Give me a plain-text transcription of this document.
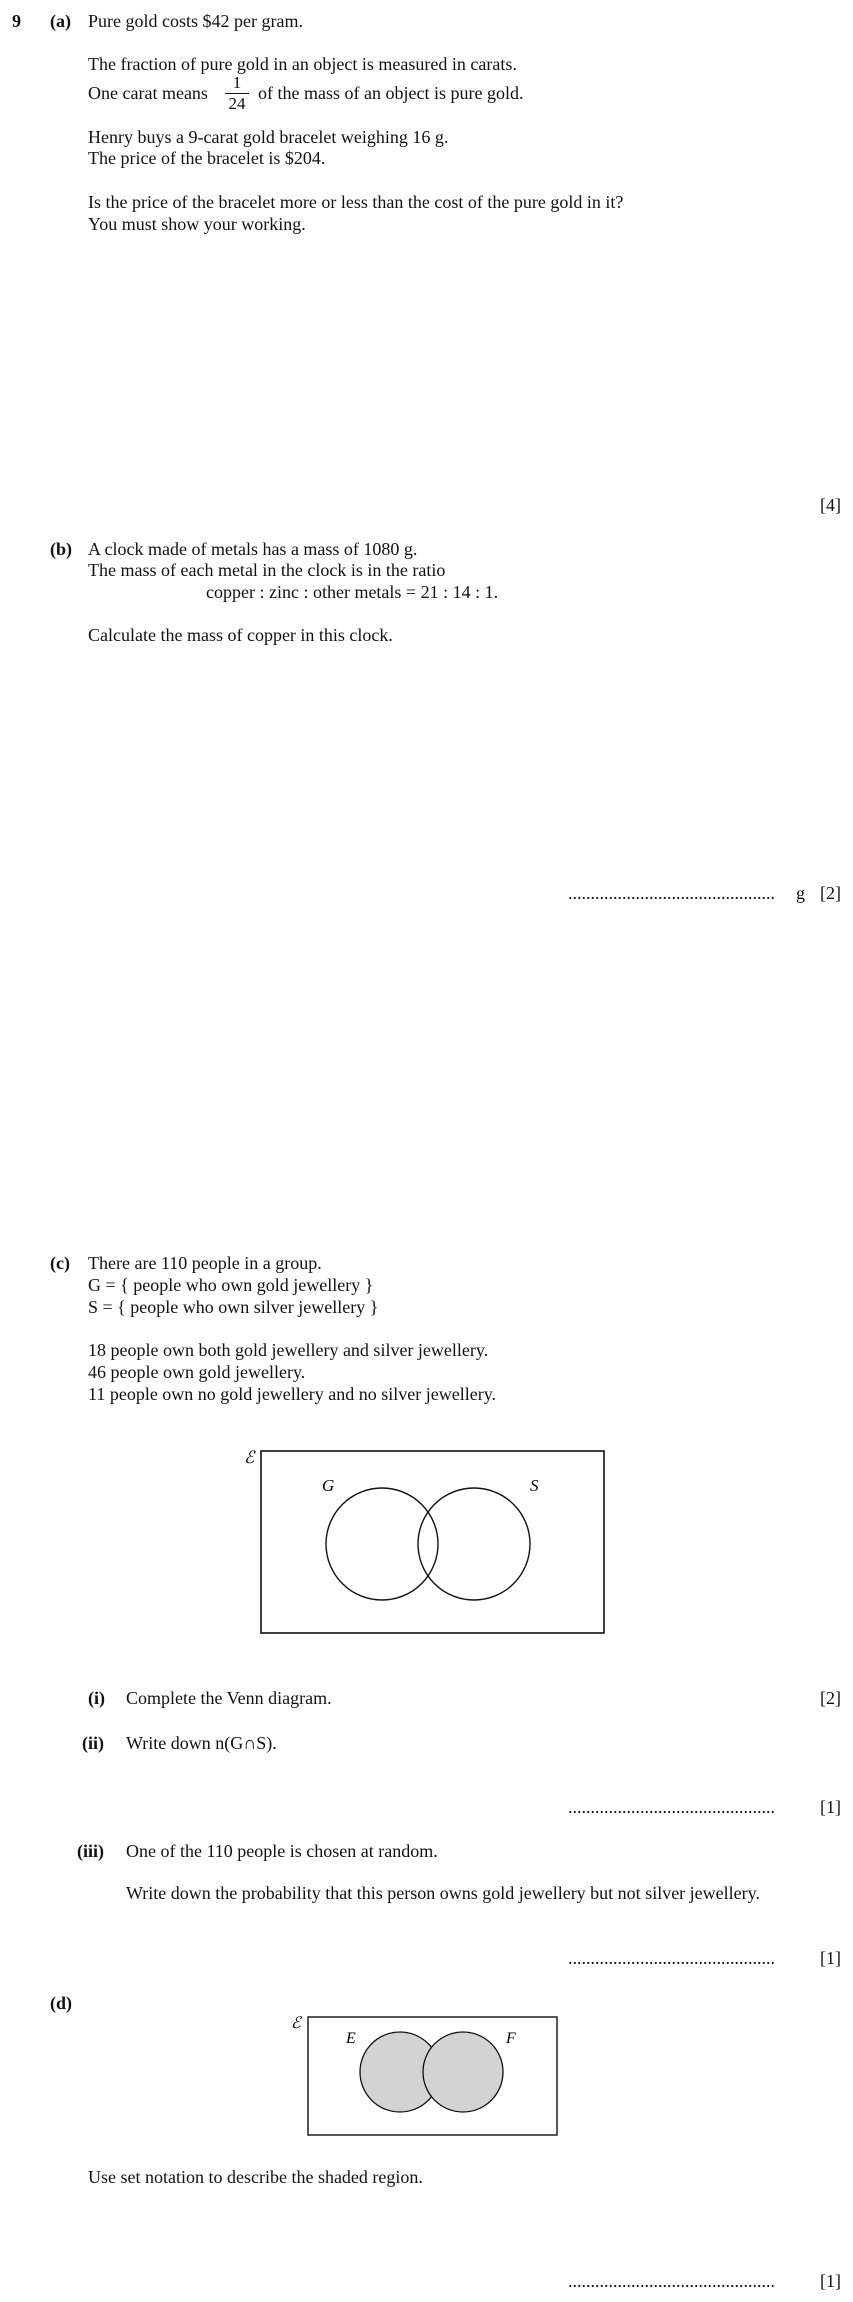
9 (a) Pure gold costs $42 per gram.
The fraction of pure gold in an object is measured in carats.
One carat means
1
24
of the mass of an object is pure gold.
Henry buys a 9-carat gold bracelet weighing 16 g.
The price of the bracelet is $204.
Is the price of the bracelet more or less than the cost of the pure gold in it?
You must show your working.
[4]
(b) A clock made of metals has a mass of 1080 g.
The mass of each metal in the clock is in the ratio
copper : zinc : other metals = 21 : 14 : 1.
Calculate the mass of copper in this clock.
.............................................. g [2]
(c) There are 110 people in a group.
G = { people who own gold jewellery }
S = { people who own silver jewellery }
18 people own both gold jewellery and silver jewellery.
46 people own gold jewellery.
11 people own no gold jewellery and no silver jewellery.
ℰ
G	S
(i) Complete the Venn diagram.	[2]
(ii) Write down n(G∩S).
..............................................	[1]
(iii) One of the 110 people is chosen at random.
Write down the probability that this person owns gold jewellery but not silver jewellery.
..............................................	[1]
(d)
ℰ
E	F
Use set notation to describe the shaded region.
..............................................	[1]
